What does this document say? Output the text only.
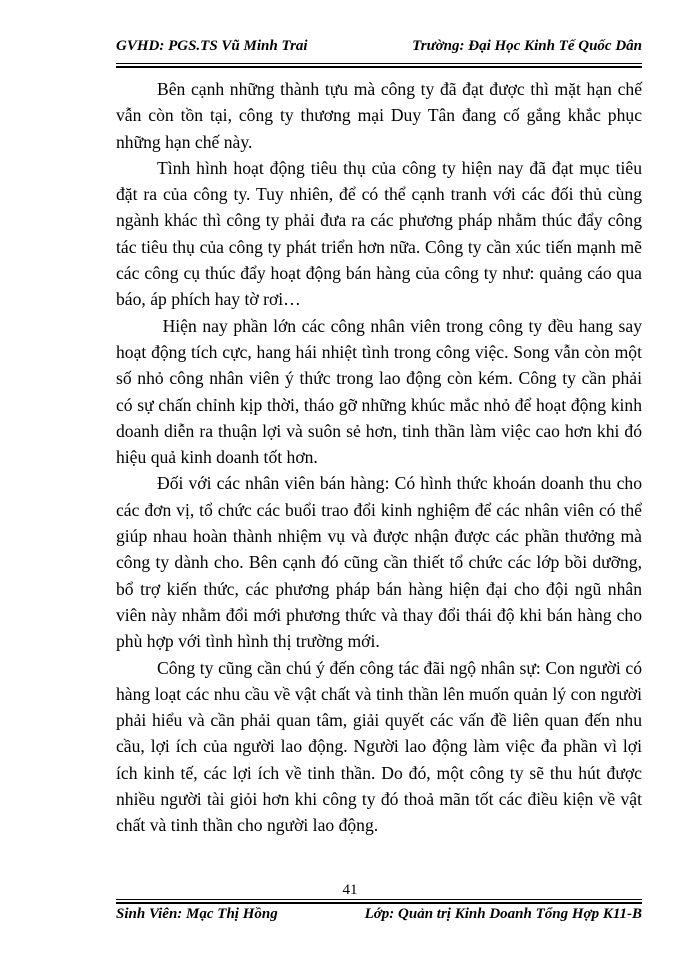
GVHD: PGS.TS Vũ Minh Trai	Trường: Đại Học Kinh Tế Quốc Dân

Bên cạnh những thành tựu mà công ty đã đạt được thì mặt hạn chế vẫn còn tồn tại, công ty thương mại Duy Tân đang cố gắng khắc phục những hạn chế này.

Tình hình hoạt động tiêu thụ của công ty hiện nay đã đạt mục tiêu đặt ra của công ty. Tuy nhiên, để có thể cạnh tranh với các đối thủ cùng ngành khác thì công ty phải đưa ra các phương pháp nhằm thúc đẩy công tác tiêu thụ của công ty phát triển hơn nữa. Công ty cần xúc tiến mạnh mẽ các công cụ thúc đẩy hoạt động bán hàng của công ty như: quảng cáo qua báo, áp phích hay tờ rơi…

Hiện nay phần lớn các công nhân viên trong công ty đều hang say hoạt động tích cực, hang hái nhiệt tình trong công việc. Song vẫn còn một số nhỏ công nhân viên ý thức trong lao động còn kém. Công ty cần phải có sự chấn chỉnh kịp thời, tháo gỡ những khúc mắc nhỏ để hoạt động kinh doanh diễn ra thuận lợi và suôn sẻ hơn, tinh thần làm việc cao hơn khi đó hiệu quả kinh doanh tốt hơn.

Đối với các nhân viên bán hàng: Có hình thức khoán doanh thu cho các đơn vị, tổ chức các buổi trao đổi kinh nghiệm để các nhân viên có thể giúp nhau hoàn thành nhiệm vụ và được nhận được các phần thưởng mà công ty dành cho. Bên cạnh đó cũng cần thiết tổ chức các lớp bồi dưỡng, bổ trợ kiến thức, các phương pháp bán hàng hiện đại cho đội ngũ nhân viên này nhằm đổi mới phương thức và thay đổi thái độ khi bán hàng cho phù hợp với tình hình thị trường mới.

Công ty cũng cần chú ý đến công tác đãi ngộ nhân sự: Con người có hàng loạt các nhu cầu về vật chất và tinh thần lên muốn quản lý con người phải hiểu và cần phải quan tâm, giải quyết các vấn đề liên quan đến nhu cầu, lợi ích của người lao động. Người lao động làm việc đa phần vì lợi ích kinh tế, các lợi ích về tinh thần. Do đó, một công ty sẽ thu hút được nhiều người tài giỏi hơn khi công ty đó thoả mãn tốt các điều kiện về vật chất và tinh thần cho người lao động.

41
Sinh Viên: Mạc Thị Hồng	Lớp: Quản trị Kinh Doanh Tổng Hợp K11-B
